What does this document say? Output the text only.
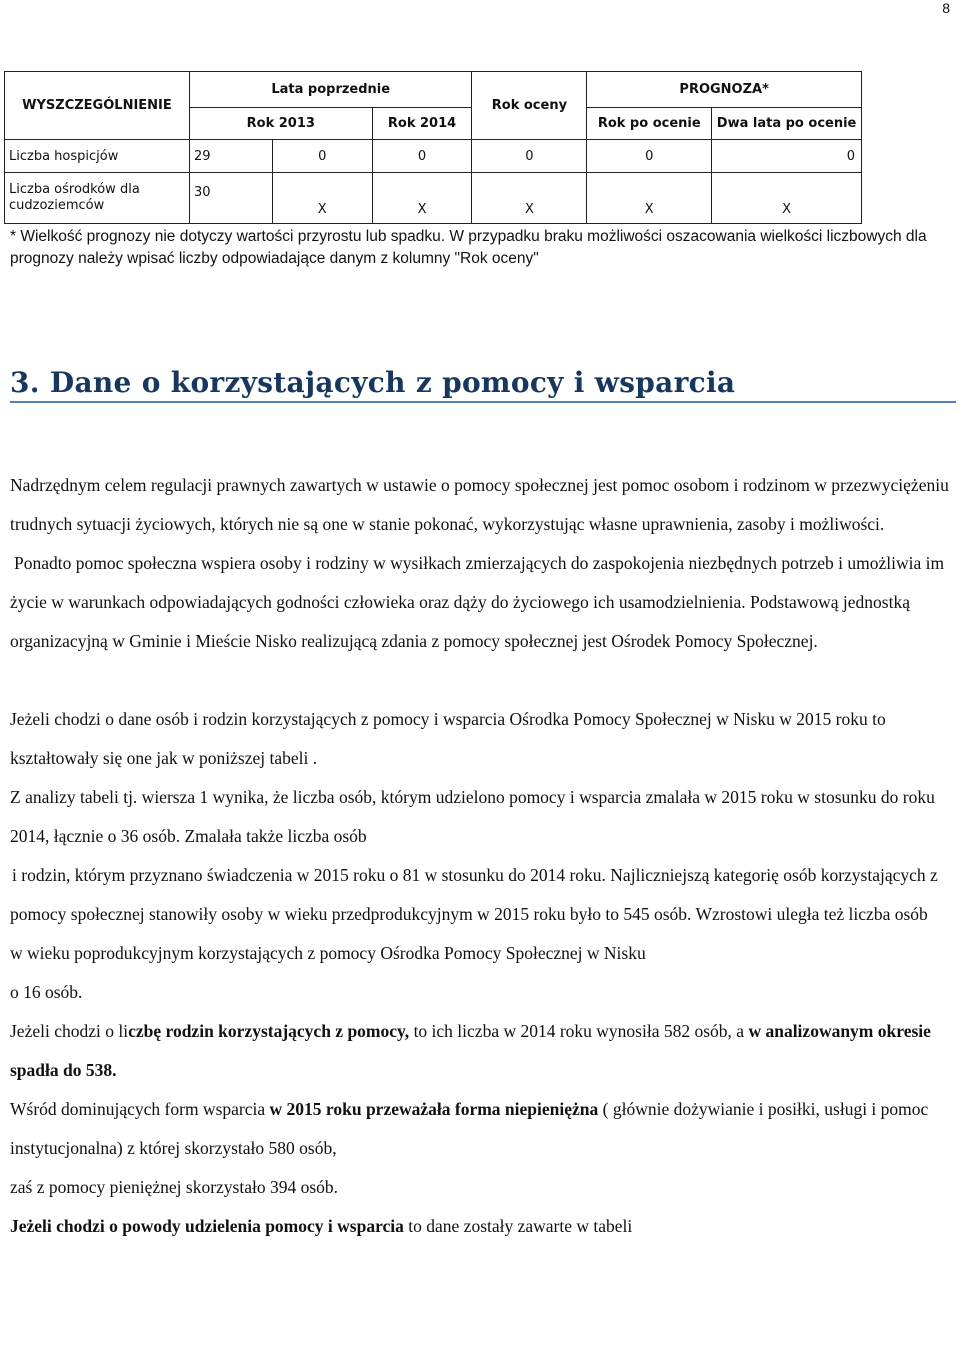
8
WYSZCZEGÓLNIENIE	Lata poprzednie			Rok oceny	PROGNOZA*	
	Rok 2013		Rok 2014		Rok po ocenie	Dwa lata po ocenie
Liczba hospicjów	29	0	0	0	0	0
Liczba ośrodków dla cudzoziemców	30	X	X	X	X	X

* Wielkość prognozy nie dotyczy wartości przyrostu lub spadku. W przypadku braku możliwości oszacowania wielkości liczbowych dla prognozy należy wpisać liczby odpowiadające danym z kolumny "Rok oceny"

3. Dane o korzystających z pomocy i wsparcia

Nadrzędnym celem regulacji prawnych zawartych w ustawie o pomocy społecznej jest pomoc osobom i rodzinom w przezwyciężeniu trudnych sytuacji życiowych, których nie są one w stanie pokonać, wykorzystując własne uprawnienia, zasoby i możliwości.

Ponadto pomoc społeczna wspiera osoby i rodziny w wysiłkach zmierzających do zaspokojenia niezbędnych potrzeb i umożliwia im życie w warunkach odpowiadających godności człowieka oraz dąży do życiowego ich usamodzielnienia. Podstawową jednostką organizacyjną w Gminie i Mieście Nisko realizującą zdania z pomocy społecznej jest Ośrodek Pomocy Społecznej.

Jeżeli chodzi o dane osób i rodzin korzystających z pomocy i wsparcia Ośrodka Pomocy Społecznej w Nisku w 2015 roku to kształtowały się one jak w poniższej tabeli .

Z analizy tabeli tj. wiersza 1 wynika, że liczba osób, którym udzielono pomocy i wsparcia zmalała w 2015 roku w stosunku do roku 2014, łącznie o 36 osób. Zmalała także liczba osób

i rodzin, którym przyznano świadczenia w 2015 roku o 81 w stosunku do 2014 roku. Najliczniejszą kategorię osób korzystających z pomocy społecznej stanowiły osoby w wieku przedprodukcyjnym w 2015 roku było to 545 osób. Wzrostowi uległa też liczba osób

w wieku poprodukcyjnym korzystających z pomocy Ośrodka Pomocy Społecznej w Nisku

o 16 osób.

Jeżeli chodzi o liczbę rodzin korzystających z pomocy, to ich liczba w 2014 roku wynosiła 582 osób, a w analizowanym okresie spadła do 538.

Wśród dominujących form wsparcia w 2015 roku przeważała forma niepieniężna ( głównie dożywianie i posiłki, usługi i pomoc instytucjonalna) z której skorzystało 580 osób,

zaś z pomocy pieniężnej skorzystało 394 osób.

Jeżeli chodzi o powody udzielenia pomocy i wsparcia to dane zostały zawarte w tabeli
